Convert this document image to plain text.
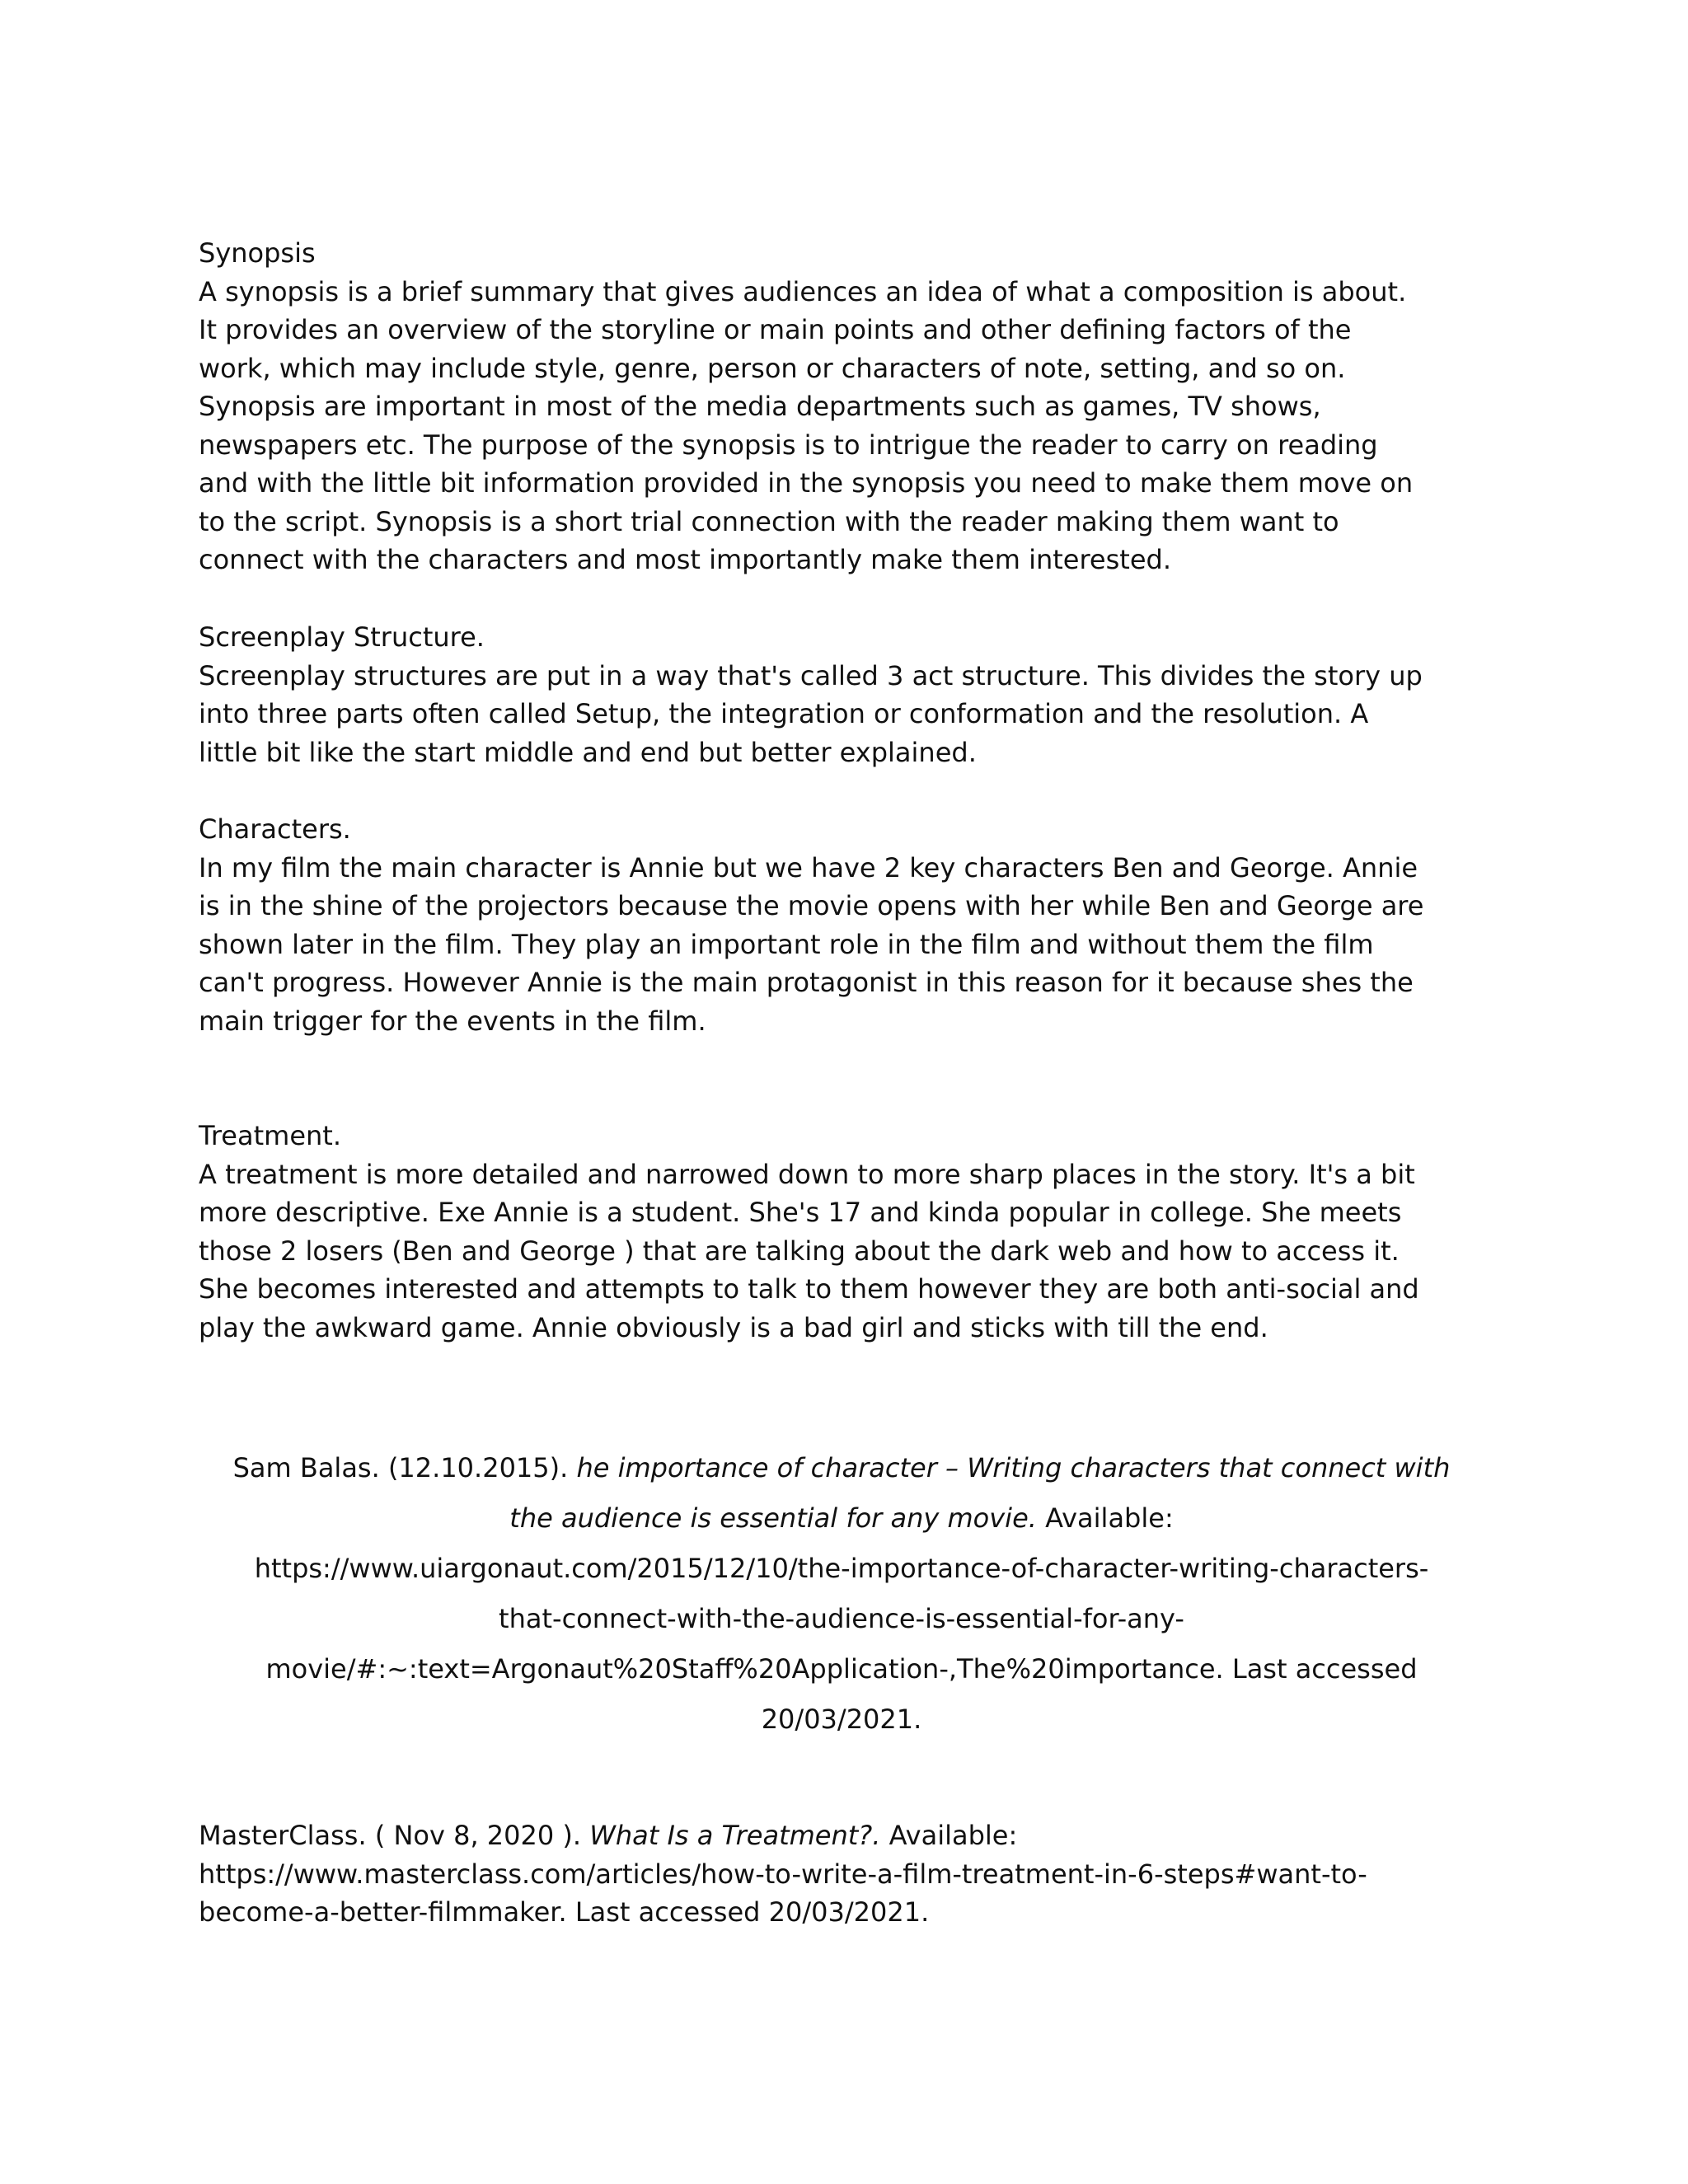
Synopsis
A synopsis is a brief summary that gives audiences an idea of what a composition is about.
It provides an overview of the storyline or main points and other defining factors of the
work, which may include style, genre, person or characters of note, setting, and so on.
Synopsis are important in most of the media departments such as games, TV shows,
newspapers etc. The purpose of the synopsis is to intrigue the reader to carry on reading
and with the little bit information provided in the synopsis you need to make them move on
to the script. Synopsis is a short trial connection with the reader making them want to
connect with the characters and most importantly make them interested.
Screenplay Structure.
Screenplay structures are put in a way that's called 3 act structure. This divides the story up
into three parts often called Setup, the integration or conformation and the resolution. A
little bit like the start middle and end but better explained.
Characters.
In my film the main character is Annie but we have 2 key characters Ben and George. Annie
is in the shine of the projectors because the movie opens with her while Ben and George are
shown later in the film. They play an important role in the film and without them the film
can't progress. However Annie is the main protagonist in this reason for it because shes the
main trigger for the events in the film.
Treatment.
A treatment is more detailed and narrowed down to more sharp places in the story. It's a bit
more descriptive. Exe Annie is a student. She's 17 and kinda popular in college. She meets
those 2 losers (Ben and George ) that are talking about the dark web and how to access it.
She becomes interested and attempts to talk to them however they are both anti-social and
play the awkward game. Annie obviously is a bad girl and sticks with till the end.
Sam Balas. (12.10.2015). he importance of character – Writing characters that connect with
the audience is essential for any movie. Available:
https://www.uiargonaut.com/2015/12/10/the-importance-of-character-writing-characters-
that-connect-with-the-audience-is-essential-for-any-
movie/#:~:text=Argonaut%20Staff%20Application-,The%20importance. Last accessed
20/03/2021.
MasterClass. ( Nov 8, 2020 ). What Is a Treatment?. Available:
https://www.masterclass.com/articles/how-to-write-a-film-treatment-in-6-steps#want-to-
become-a-better-filmmaker. Last accessed 20/03/2021.
